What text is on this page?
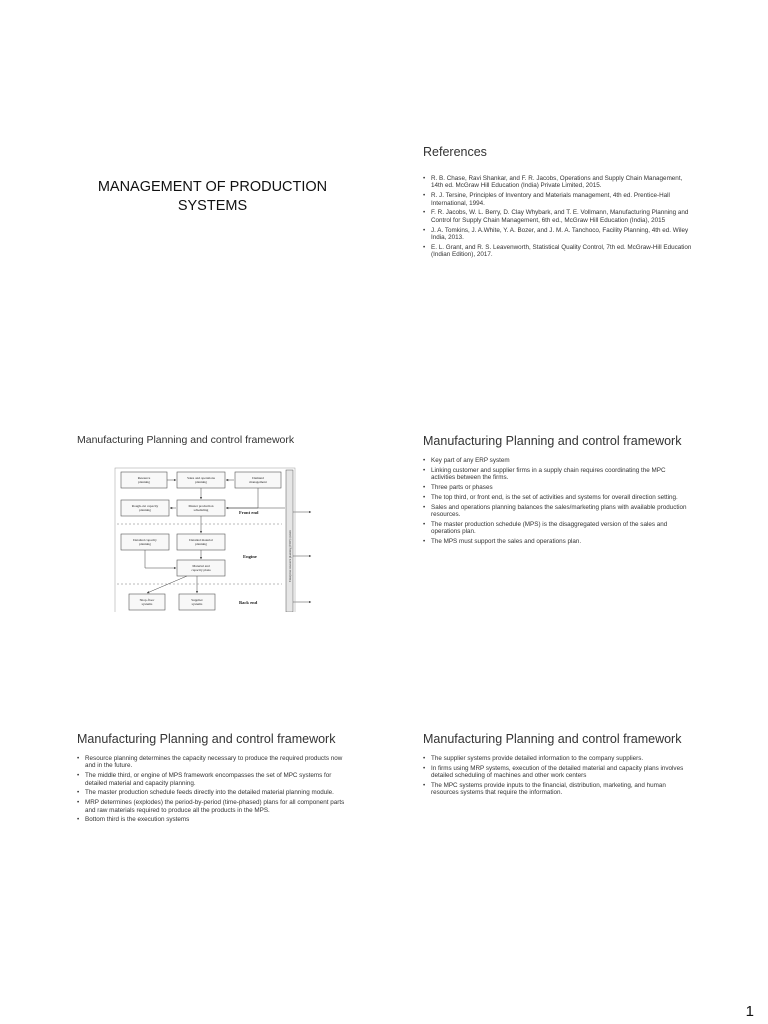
MANAGEMENT OF PRODUCTION
SYSTEMS
References
• R. B. Chase, Ravi Shankar, and F. R. Jacobs, Operations and Supply Chain Management, 14th ed. McGraw Hill Education (India) Private Limited, 2015.
• R. J. Tersine, Principles of Inventory and Materials management, 4th ed. Prentice-Hall International, 1994.
• F. R. Jacobs, W. L. Berry, D. Clay Whybark, and T. E. Vollmann, Manufacturing Planning and Control for Supply Chain Management, 6th ed., McGraw Hill Education (India), 2015
• J. A. Tomkins, J. A.White, Y. A. Bozer, and J. M. A. Tanchoco, Facility Planning, 4th ed. Wiley India, 2013.
• E. L. Grant, and R. S. Leavenworth, Statistical Quality Control, 7th ed. McGraw-Hill Education (Indian Edition), 2017.
Manufacturing Planning and control framework
Resource
planning
Sales and operations
planning
Demand
management
Rough-cut capacity
planning
Master production
scheduling
Detailed capacity
planning
Detailed material
planning
Material and
capacity plans
Shop-floor
systems
Supplier
systems
Front end
Engine
Back end
Enterprise resource planning (ERP) system
Manufacturing Planning and control framework
• Key part of any ERP system
• Linking customer and supplier firms in a supply chain requires coordinating the MPC activities between the firms.
• Three parts or phases
• The top third, or front end, is the set of activities and systems for overall direction setting.
• Sales and operations planning balances the sales/marketing plans with available production resources.
• The master production schedule (MPS) is the disaggregated version of the sales and operations plan.
• The MPS must support the sales and operations plan.
Manufacturing Planning and control framework
• Resource planning determines the capacity necessary to produce the required products now and in the future.
• The middle third, or engine of MPS framework encompasses the set of MPC systems for detailed material and capacity planning.
• The master production schedule feeds directly into the detailed material planning module.
• MRP determines (explodes) the period-by-period (time-phased) plans for all component parts and raw materials required to produce all the products in the MPS.
• Bottom third is the execution systems
Manufacturing Planning and control framework
• The supplier systems provide detailed information to the company suppliers.
• In firms using MRP systems, execution of the detailed material and capacity plans involves detailed scheduling of machines and other work centers
• The MPC systems provide inputs to the financial, distribution, marketing, and human resources systems that require the information.
1
